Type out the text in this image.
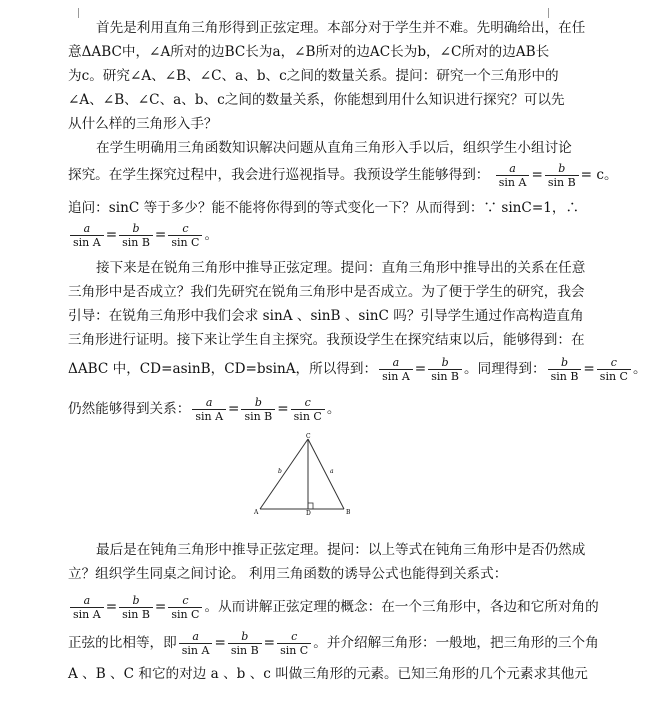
首先是利用直角三角形得到正弦定理。本部分对于学生并不难。先明确给出，在任
意ΔABC中，∠A所对的边BC长为a，∠B所对的边AC长为b，∠C所对的边AB长
为c。研究∠A、∠B、∠C、a、b、c之间的数量关系。提问：研究一个三角形中的
∠A、∠B、∠C、a、b、c之间的数量关系，你能想到用什么知识进行探究？可以先
从什么样的三角形入手？
在学生明确用三角函数知识解决问题从直角三角形入手以后，组织学生小组讨论
探究。在学生探究过程中，我会进行巡视指导。我预设学生能够得到： $\frac{a}{\text{sin A}} = \frac{b}{\text{sin B}} = c$。
追问：sinC 等于多少？能不能将你得到的等式变化一下？从而得到：∵ sinC=1，∴
$\frac{a}{\text{sin A}} = \frac{b}{\text{sin B}} = \frac{c}{\text{sin C}}$ 。
接下来是在锐角三角形中推导正弦定理。提问：直角三角形中推导出的关系在任意
三角形中是否成立？我们先研究在锐角三角形中是否成立。为了便于学生的研究，我会
引导：在锐角三角形中我们会求 sinA 、sinB 、sinC 吗？引导学生通过作高构造直角
三角形进行证明。接下来让学生自主探究。我预设学生在探究结束以后，能够得到：在
ΔABC 中，CD=asinB，CD=bsinA，所以得到： $\frac{a}{\text{sin A}} = \frac{b}{\text{sin B}}$ 。同理得到： $\frac{b}{\text{sin B}} = \frac{c}{\text{sin C}}$ 。
仍然能够得到关系： $\frac{a}{\text{sin A}} = \frac{b}{\text{sin B}} = \frac{c}{\text{sin C}}$ 。
C
A	D	B
b	a
最后是在钝角三角形中推导正弦定理。提问：以上等式在钝角三角形中是否仍然成
立？组织学生同桌之间讨论。 利用三角函数的诱导公式也能得到关系式：
$\frac{a}{\text{sin A}} = \frac{b}{\text{sin B}} = \frac{c}{\text{sin C}}$ 。从而讲解正弦定理的概念：在一个三角形中，各边和它所对角的
正弦的比相等，即 $\frac{a}{\text{sin A}} = \frac{b}{\text{sin B}} = \frac{c}{\text{sin C}}$ 。并介绍解三角形：一般地，把三角形的三个角
A 、B 、C 和它的对边 a 、b 、c 叫做三角形的元素。已知三角形的几个元素求其他元
